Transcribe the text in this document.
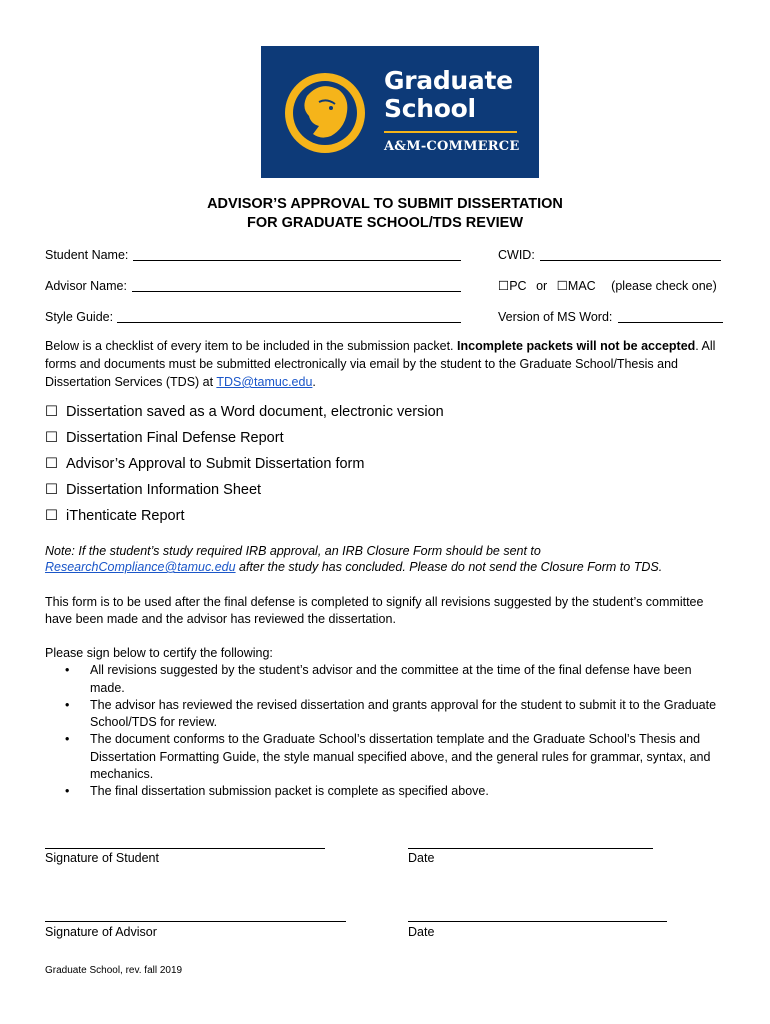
Graduate
School
A&M-COMMERCE
ADVISOR’S APPROVAL TO SUBMIT DISSERTATION
FOR GRADUATE SCHOOL/TDS REVIEW
Student Name:	CWID:
Advisor Name:	☐PC or ☐MAC (please check one)
Style Guide:	Version of MS Word:
Below is a checklist of every item to be included in the submission packet. Incomplete packets will not be accepted. All forms and documents must be submitted electronically via email by the student to the Graduate School/Thesis and Dissertation Services (TDS) at TDS@tamuc.edu.
☐ Dissertation saved as a Word document, electronic version
☐ Dissertation Final Defense Report
☐ Advisor’s Approval to Submit Dissertation form
☐ Dissertation Information Sheet
☐ iThenticate Report
Note: If the student’s study required IRB approval, an IRB Closure Form should be sent to ResearchCompliance@tamuc.edu after the study has concluded. Please do not send the Closure Form to TDS.
This form is to be used after the final defense is completed to signify all revisions suggested by the student’s committee have been made and the advisor has reviewed the dissertation.
Please sign below to certify the following:
• All revisions suggested by the student’s advisor and the committee at the time of the final defense have been made.
• The advisor has reviewed the revised dissertation and grants approval for the student to submit it to the Graduate School/TDS for review.
• The document conforms to the Graduate School’s dissertation template and the Graduate School’s Thesis and Dissertation Formatting Guide, the style manual specified above, and the general rules for grammar, syntax, and mechanics.
• The final dissertation submission packet is complete as specified above.
Signature of Student	Date
Signature of Advisor	Date
Graduate School, rev. fall 2019
